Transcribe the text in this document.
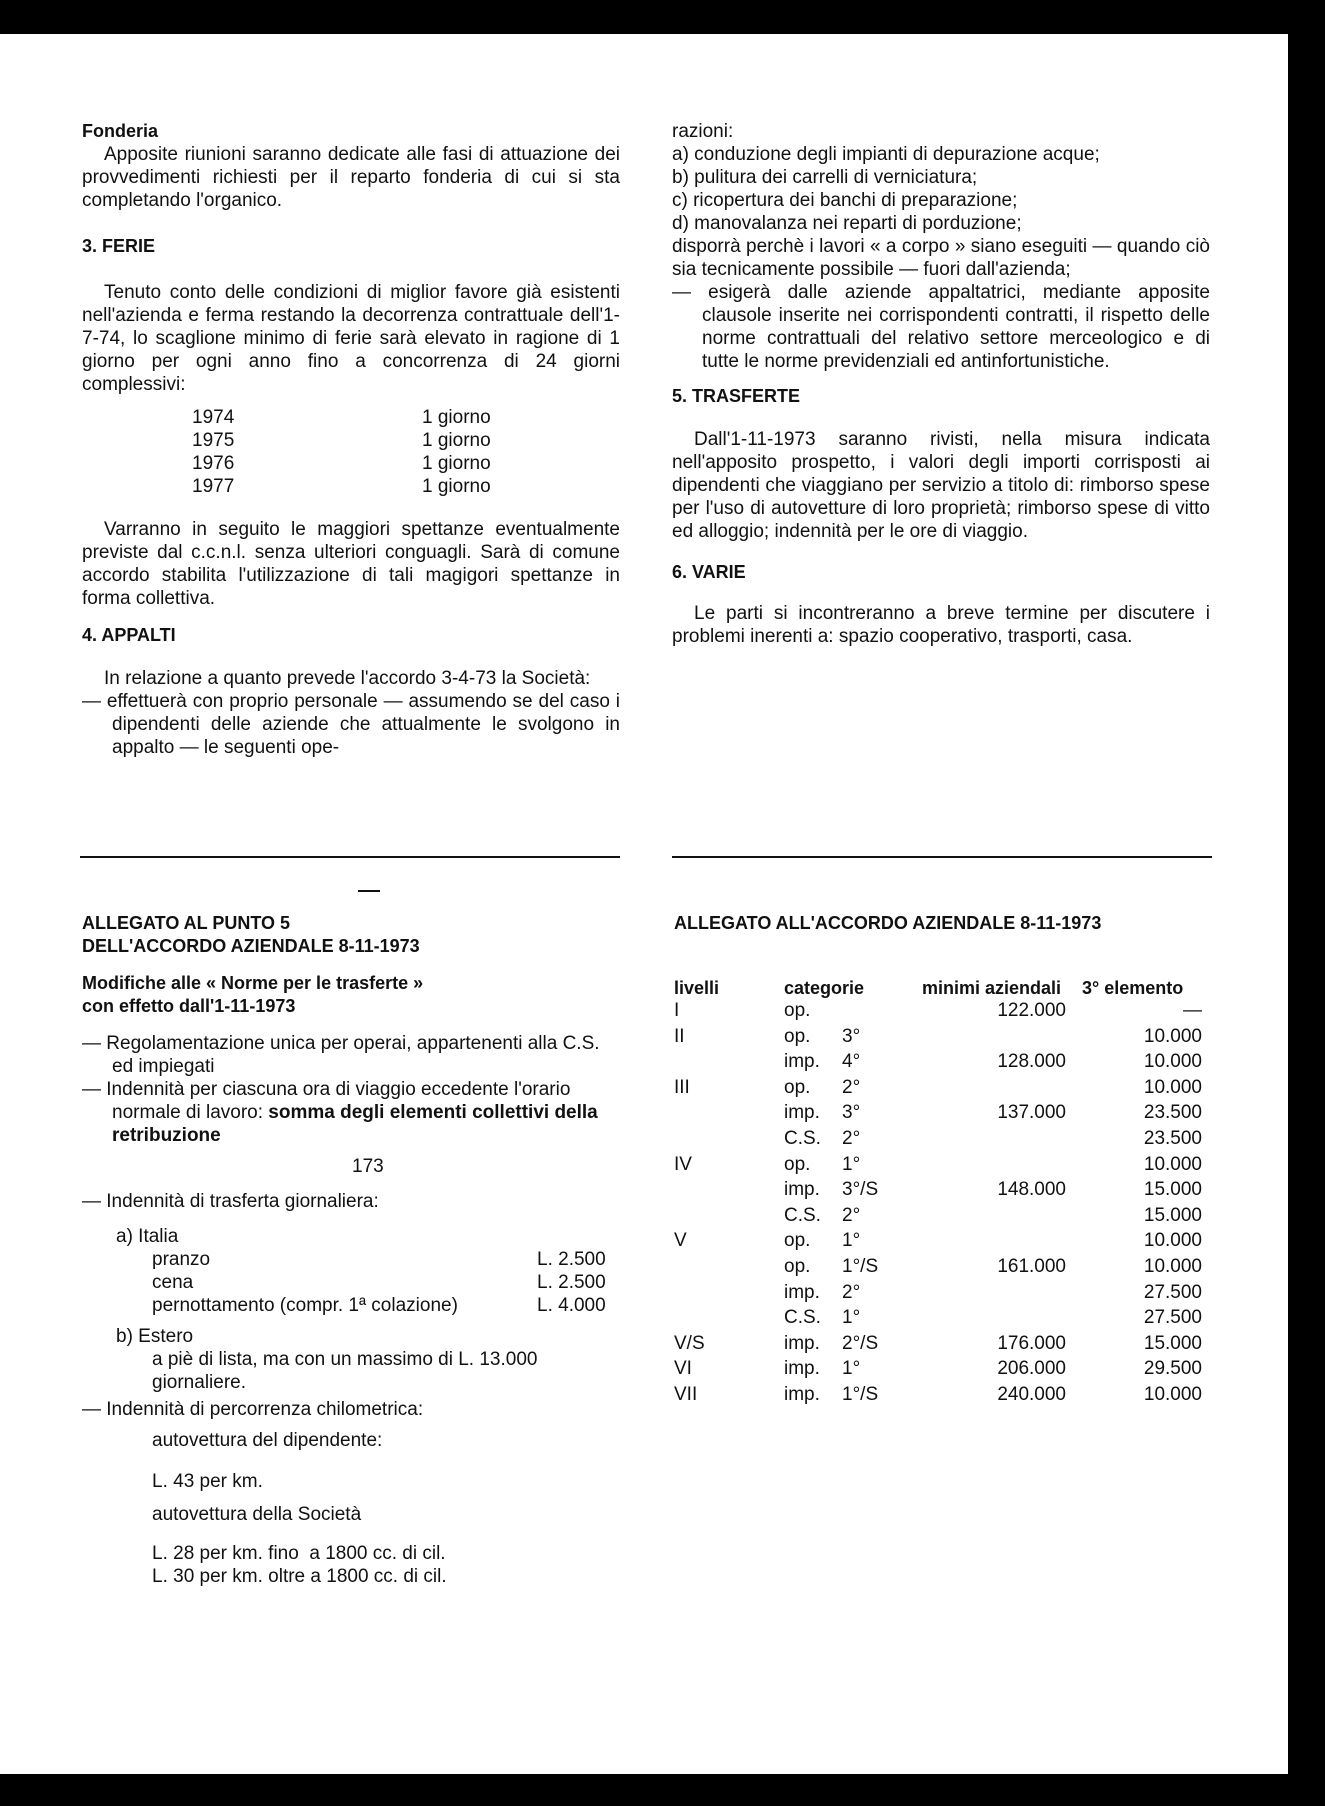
Fonderia

Apposite riunioni saranno dedicate alle fasi di attuazione dei provvedimenti richiesti per il reparto fonderia di cui si sta completando l'organico.

3. FERIE

Tenuto conto delle condizioni di miglior favore già esistenti nell'azienda e ferma restando la decorrenza contrattuale dell'1-7-74, lo scaglione minimo di ferie sarà elevato in ragione di 1 giorno per ogni anno fino a concorrenza di 24 giorni complessivi:

1974	1 giorno
1975	1 giorno
1976	1 giorno
1977	1 giorno

Varranno in seguito le maggiori spettanze eventualmente previste dal c.c.n.l. senza ulteriori conguagli. Sarà di comune accordo stabilita l'utilizzazione di tali magigori spettanze in forma collettiva.

4. APPALTI

In relazione a quanto prevede l'accordo 3-4-73 la Società:

— effettuerà con proprio personale — assumendo se del caso i dipendenti delle aziende che attualmente le svolgono in appalto — le seguenti ope-

razioni:

a) conduzione degli impianti di depurazione acque;

b) pulitura dei carrelli di verniciatura;

c) ricopertura dei banchi di preparazione;

d) manovalanza nei reparti di porduzione;

disporrà perchè i lavori « a corpo » siano eseguiti — quando ciò sia tecnicamente possibile — fuori dall'azienda;

— esigerà dalle aziende appaltatrici, mediante apposite clausole inserite nei corrispondenti contratti, il rispetto delle norme contrattuali del relativo settore merceologico e di tutte le norme previdenziali ed antinfortunistiche.

5. TRASFERTE

Dall'1-11-1973 saranno rivisti, nella misura indicata nell'apposito prospetto, i valori degli importi corrisposti ai dipendenti che viaggiano per servizio a titolo di: rimborso spese per l'uso di autovetture di loro proprietà; rimborso spese di vitto ed alloggio; indennità per le ore di viaggio.

6. VARIE

Le parti si incontreranno a breve termine per discutere i problemi inerenti a: spazio cooperativo, trasporti, casa.

ALLEGATO AL PUNTO 5

DELL'ACCORDO AZIENDALE 8-11-1973

Modifiche alle « Norme per le trasferte »

con effetto dall'1-11-1973

— Regolamentazione unica per operai, appartenenti alla C.S. ed impiegati

— Indennità per ciascuna ora di viaggio eccedente l'orario normale di lavoro: somma degli elementi collettivi della retribuzione

173

— Indennità di trasferta giornaliera:

a) Italia

pranzo	L. 2.500
cena	L. 2.500
pernottamento (compr. 1ª colazione)	L. 4.000

b) Estero

a piè di lista, ma con un massimo di L. 13.000 giornaliere.

— Indennità di percorrenza chilometrica:

autovettura del dipendente:

L. 43 per km.

autovettura della Società

L. 28 per km. fino  a 1800 cc. di cil.

L. 30 per km. oltre a 1800 cc. di cil.

ALLEGATO ALL'ACCORDO AZIENDALE 8-11-1973

livelli	categorie		minimi aziendali	3° elemento
I	op.		122.000	—
II	op.	3°		10.000
	imp.	4°	128.000	10.000
III	op.	2°		10.000
	imp.	3°	137.000	23.500
	C.S.	2°		23.500
IV	op.	1°		10.000
	imp.	3°/S	148.000	15.000
	C.S.	2°		15.000
V	op.	1°		10.000
	op.	1°/S	161.000	10.000
	imp.	2°		27.500
	C.S.	1°		27.500
V/S	imp.	2°/S	176.000	15.000
VI	imp.	1°	206.000	29.500
VII	imp.	1°/S	240.000	10.000
